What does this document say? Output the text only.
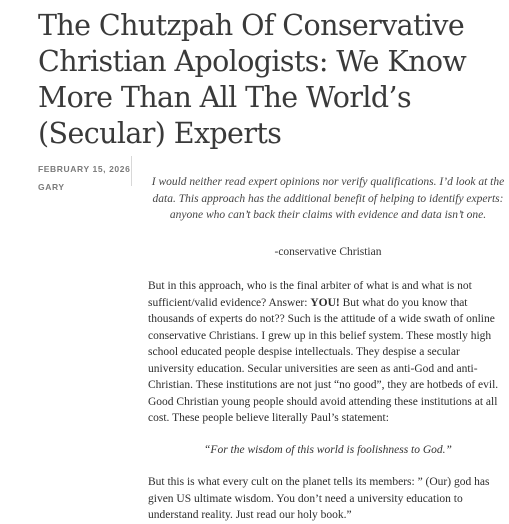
The Chutzpah Of Conservative Christian Apologists: We Know More Than All The World’s (Secular) Experts
FEBRUARY 15, 2026
GARY	I would neither read expert opinions nor verify qualifications. I’d look at the data. This approach has the additional benefit of helping to identify experts: anyone who can’t back their claims with evidence and data isn’t one.

-conservative Christian

But in this approach, who is the final arbiter of what is and what is not sufficient/valid evidence? Answer: YOU! But what do you know that thousands of experts do not?? Such is the attitude of a wide swath of online conservative Christians. I grew up in this belief system. These mostly high school educated people despise intellectuals. They despise a secular university education. Secular universities are seen as anti-God and anti-Christian. These institutions are not just “no good”, they are hotbeds of evil. Good Christian young people should avoid attending these institutions at all cost. These people believe literally Paul’s statement:

“For the wisdom of this world is foolishness to God.”

But this is what every cult on the planet tells its members: ” (Our) god has given US ultimate wisdom. You don’t need a university education to understand reality. Just read our holy book.”
